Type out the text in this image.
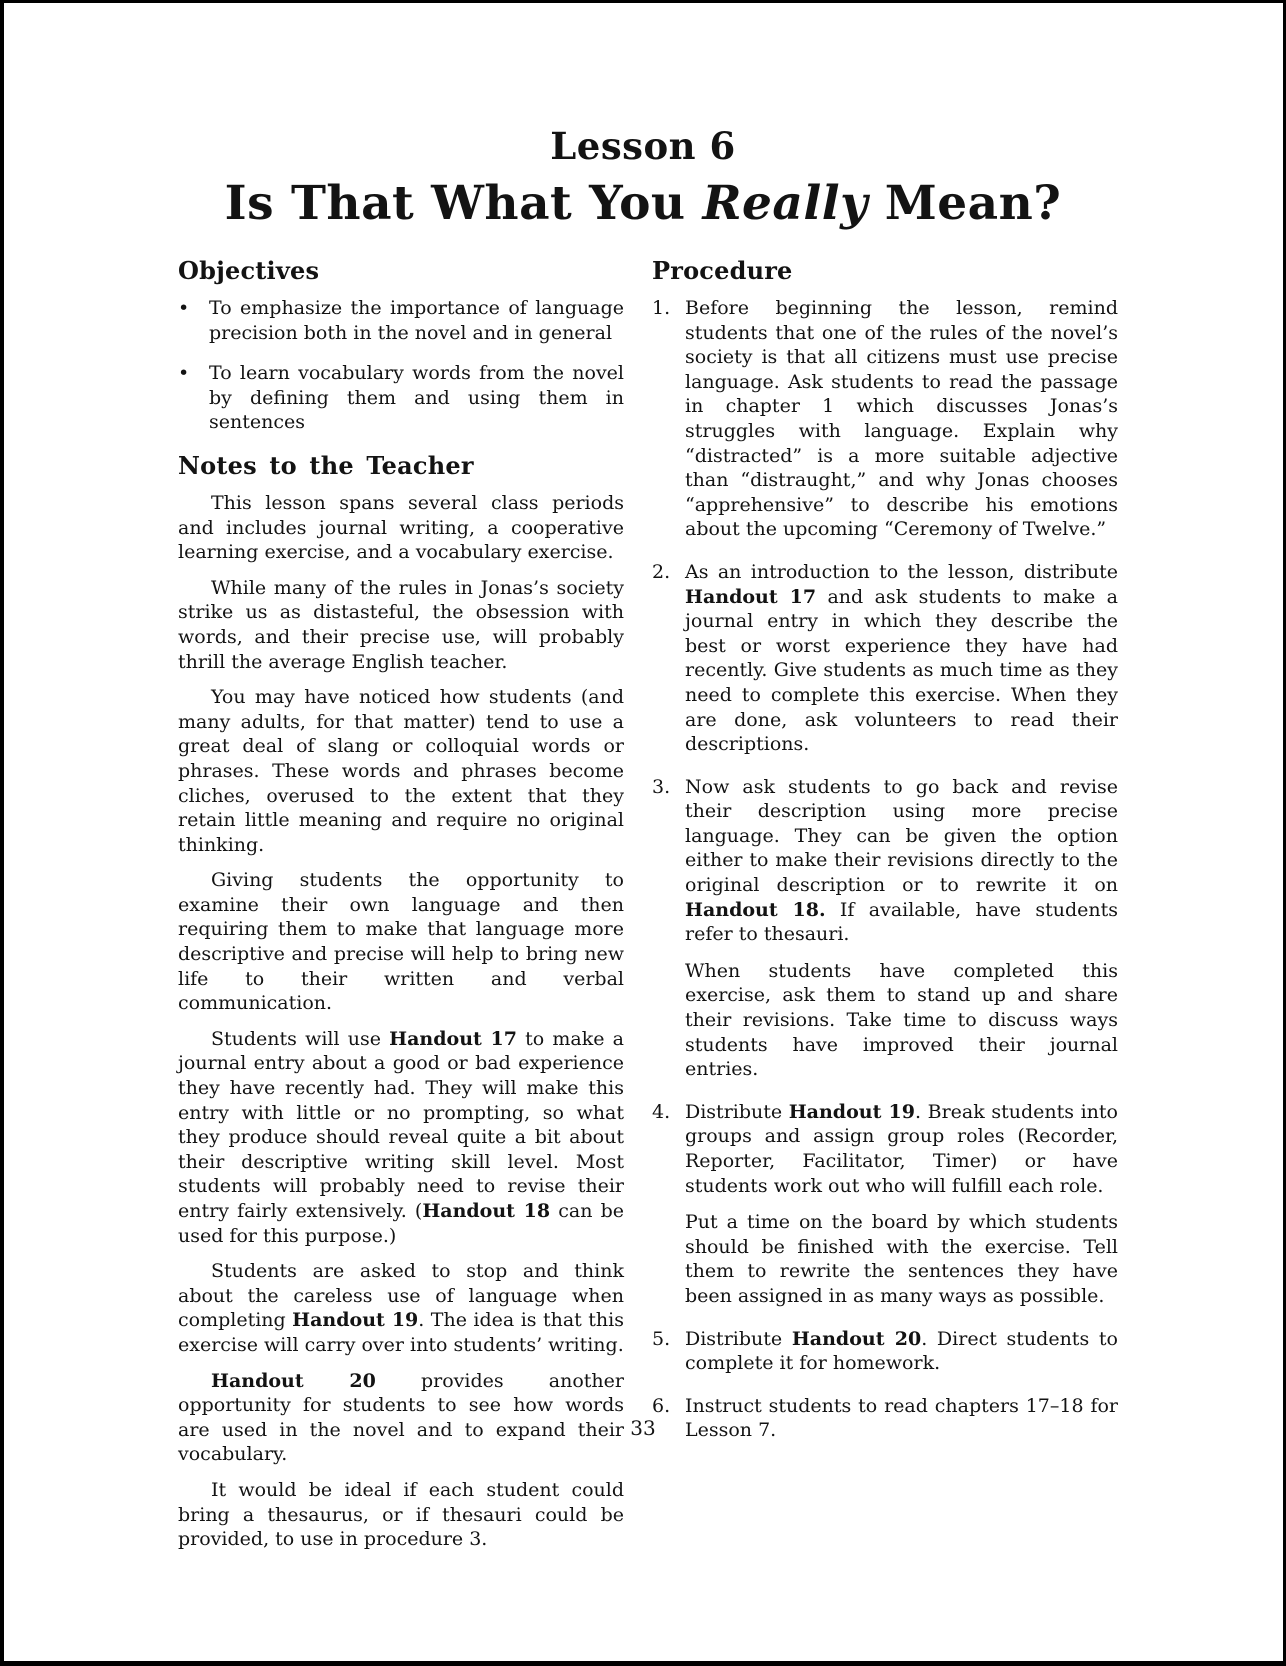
Lesson 6
Is That What You Really Mean?
Objectives
•	To emphasize the importance of language precision both in the novel and in general
•	To learn vocabulary words from the novel by defining them and using them in sentences
Notes to the Teacher
This lesson spans several class periods and includes journal writing, a cooperative learning exercise, and a vocabulary exercise.
While many of the rules in Jonas’s society strike us as distasteful, the obsession with words, and their precise use, will probably thrill the average English teacher.
You may have noticed how students (and many adults, for that matter) tend to use a great deal of slang or colloquial words or phrases. These words and phrases become cliches, overused to the extent that they retain little meaning and require no original thinking.
Giving students the opportunity to examine their own language and then requiring them to make that language more descriptive and precise will help to bring new life to their written and verbal communication.
Students will use Handout 17 to make a journal entry about a good or bad experience they have recently had. They will make this entry with little or no prompting, so what they produce should reveal quite a bit about their descriptive writing skill level. Most students will probably need to revise their entry fairly extensively. (Handout 18 can be used for this purpose.)
Students are asked to stop and think about the careless use of language when completing Handout 19. The idea is that this exercise will carry over into students’ writing.
Handout 20 provides another opportunity for students to see how words are used in the novel and to expand their vocabulary.
It would be ideal if each student could bring a thesaurus, or if thesauri could be provided, to use in procedure 3.
Procedure
1. Before beginning the lesson, remind students that one of the rules of the novel’s society is that all citizens must use precise language. Ask students to read the passage in chapter 1 which discusses Jonas’s struggles with language. Explain why “distracted” is a more suitable adjective than “distraught,” and why Jonas chooses “apprehensive” to describe his emotions about the upcoming “Ceremony of Twelve.”
2. As an introduction to the lesson, distribute Handout 17 and ask students to make a journal entry in which they describe the best or worst experience they have had recently. Give students as much time as they need to complete this exercise. When they are done, ask volunteers to read their descriptions.
3. Now ask students to go back and revise their description using more precise language. They can be given the option either to make their revisions directly to the original description or to rewrite it on Handout 18. If available, have students refer to thesauri.
When students have completed this exercise, ask them to stand up and share their revisions. Take time to discuss ways students have improved their journal entries.
4. Distribute Handout 19. Break students into groups and assign group roles (Recorder, Reporter, Facilitator, Timer) or have students work out who will fulfill each role.
Put a time on the board by which students should be finished with the exercise. Tell them to rewrite the sentences they have been assigned in as many ways as possible.
5. Distribute Handout 20. Direct students to complete it for homework.
6. Instruct students to read chapters 17–18 for Lesson 7.
33
